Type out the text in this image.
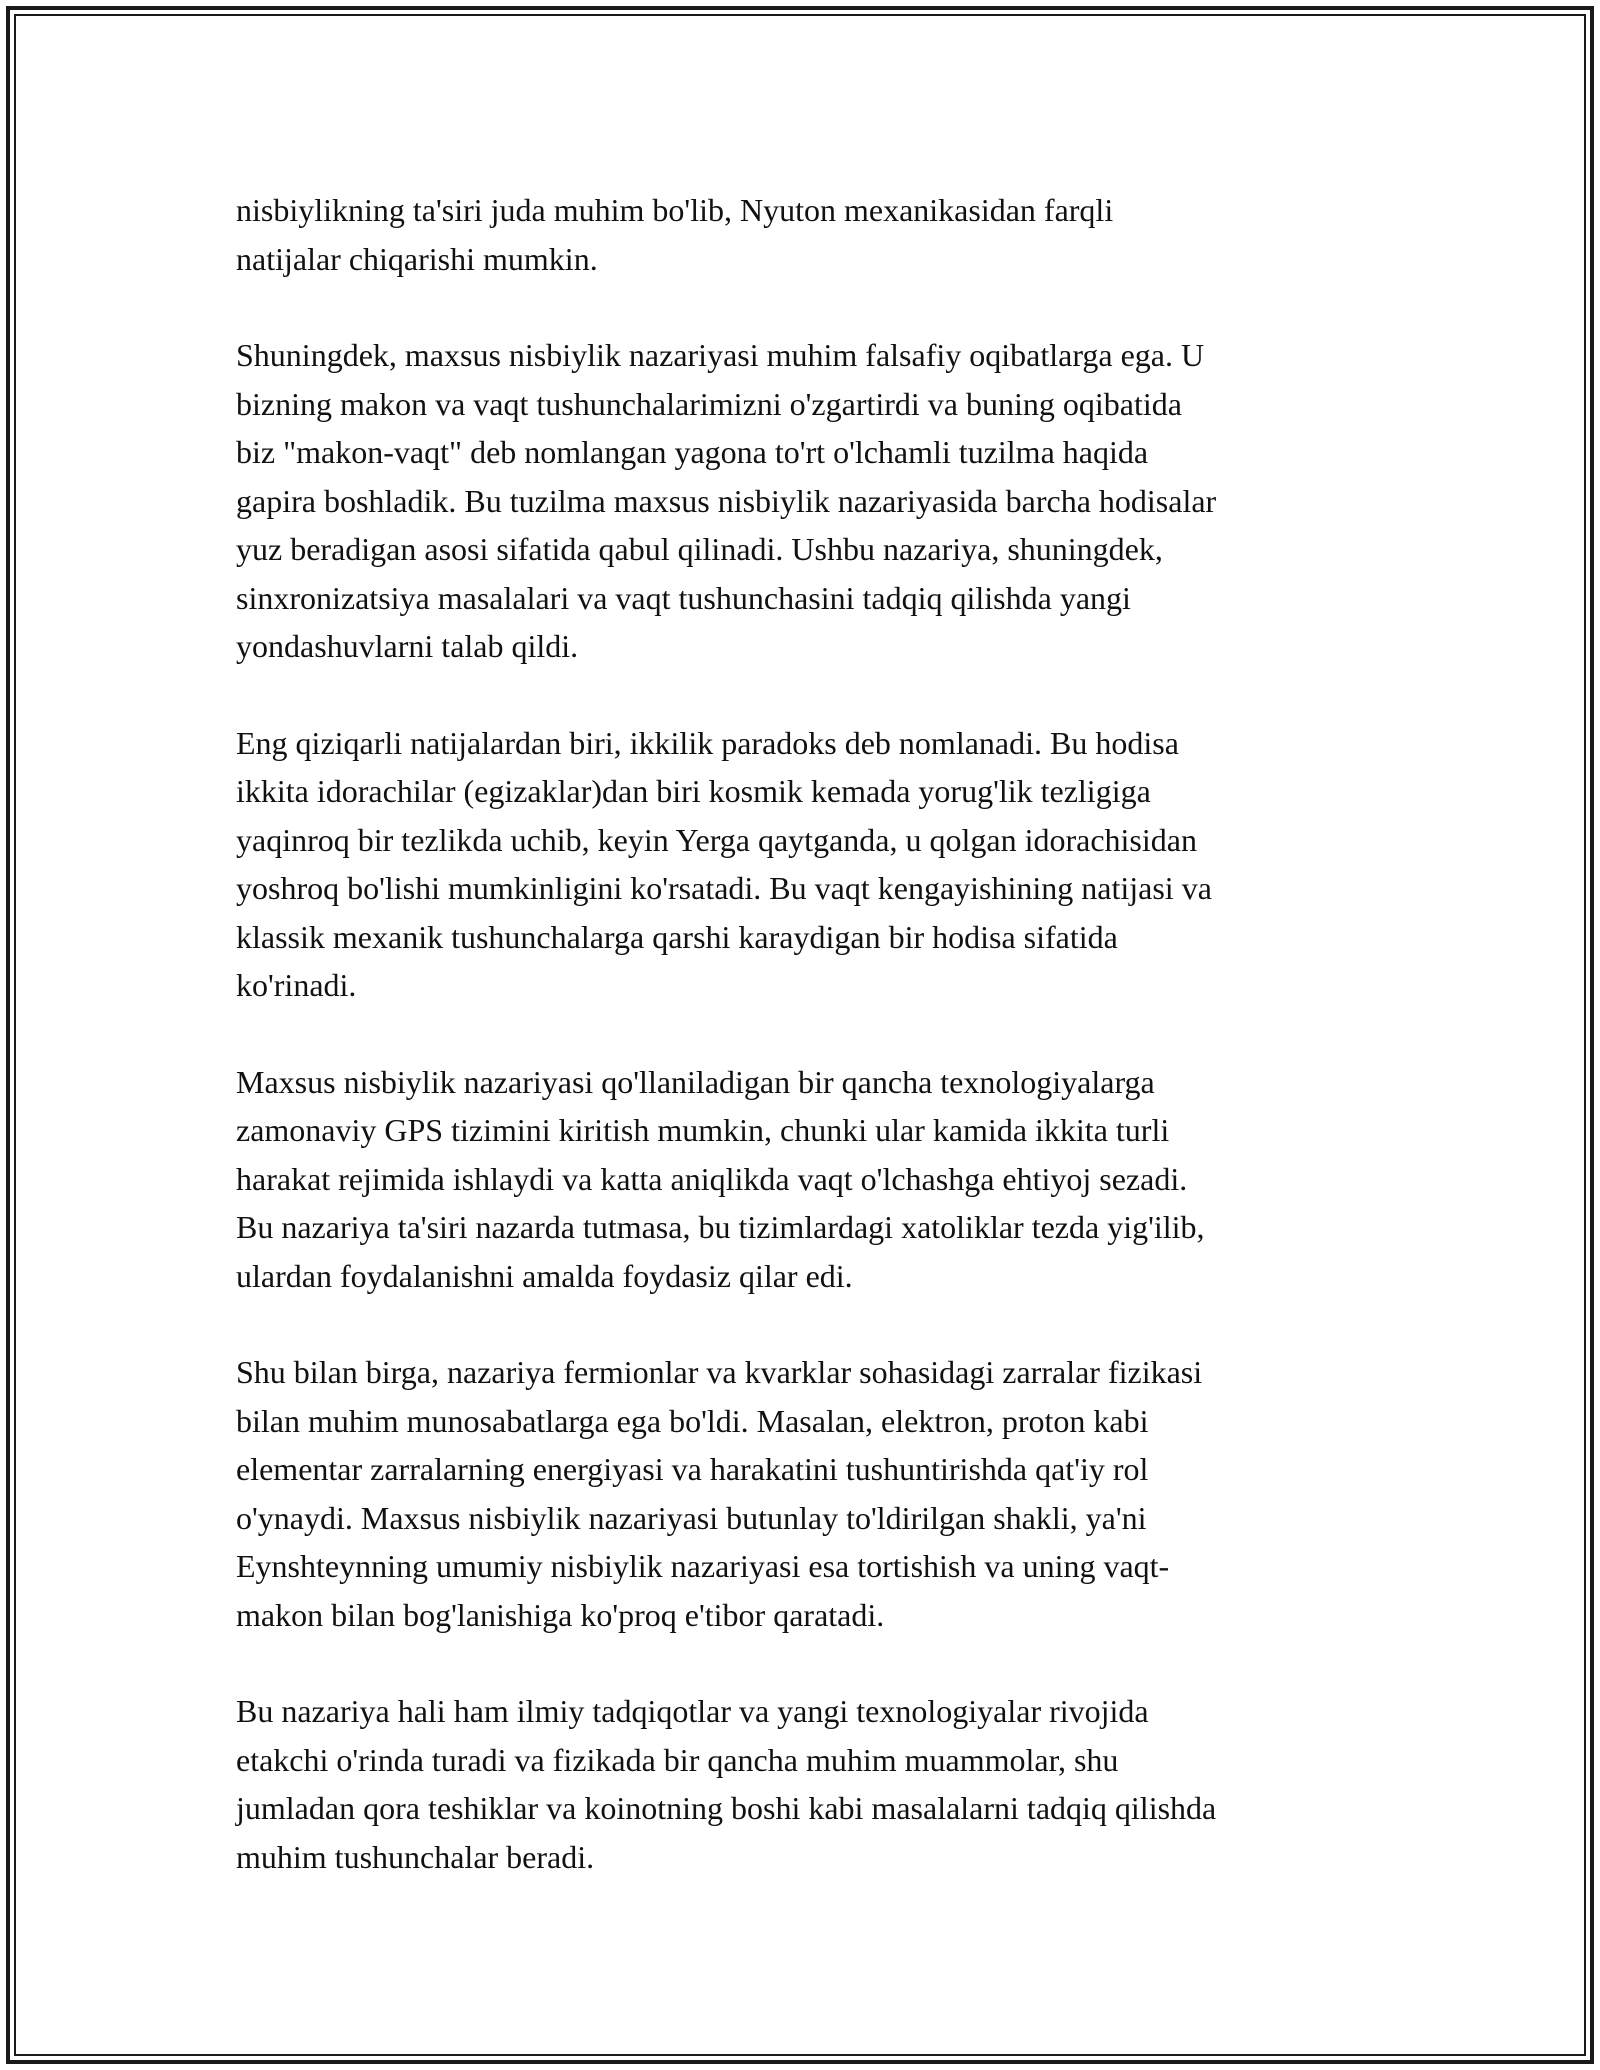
nisbiylikning ta'siri juda muhim bo'lib, Nyuton mexanikasidan farqli
natijalar chiqarishi mumkin.

Shuningdek, maxsus nisbiylik nazariyasi muhim falsafiy oqibatlarga ega. U
bizning makon va vaqt tushunchalarimizni o'zgartirdi va buning oqibatida
biz "makon-vaqt" deb nomlangan yagona to'rt o'lchamli tuzilma haqida
gapira boshladik. Bu tuzilma maxsus nisbiylik nazariyasida barcha hodisalar
yuz beradigan asosi sifatida qabul qilinadi. Ushbu nazariya, shuningdek,
sinxronizatsiya masalalari va vaqt tushunchasini tadqiq qilishda yangi
yondashuvlarni talab qildi.

Eng qiziqarli natijalardan biri, ikkilik paradoks deb nomlanadi. Bu hodisa
ikkita idorachilar (egizaklar)dan biri kosmik kemada yorug'lik tezligiga
yaqinroq bir tezlikda uchib, keyin Yerga qaytganda, u qolgan idorachisidan
yoshroq bo'lishi mumkinligini ko'rsatadi. Bu vaqt kengayishining natijasi va
klassik mexanik tushunchalarga qarshi karaydigan bir hodisa sifatida
ko'rinadi.

Maxsus nisbiylik nazariyasi qo'llaniladigan bir qancha texnologiyalarga
zamonaviy GPS tizimini kiritish mumkin, chunki ular kamida ikkita turli
harakat rejimida ishlaydi va katta aniqlikda vaqt o'lchashga ehtiyoj sezadi.
Bu nazariya ta'siri nazarda tutmasa, bu tizimlardagi xatoliklar tezda yig'ilib,
ulardan foydalanishni amalda foydasiz qilar edi.

Shu bilan birga, nazariya fermionlar va kvarklar sohasidagi zarralar fizikasi
bilan muhim munosabatlarga ega bo'ldi. Masalan, elektron, proton kabi
elementar zarralarning energiyasi va harakatini tushuntirishda qat'iy rol
o'ynaydi. Maxsus nisbiylik nazariyasi butunlay to'ldirilgan shakli, ya'ni
Eynshteynning umumiy nisbiylik nazariyasi esa tortishish va uning vaqt-
makon bilan bog'lanishiga ko'proq e'tibor qaratadi.

Bu nazariya hali ham ilmiy tadqiqotlar va yangi texnologiyalar rivojida
etakchi o'rinda turadi va fizikada bir qancha muhim muammolar, shu
jumladan qora teshiklar va koinotning boshi kabi masalalarni tadqiq qilishda
muhim tushunchalar beradi.
